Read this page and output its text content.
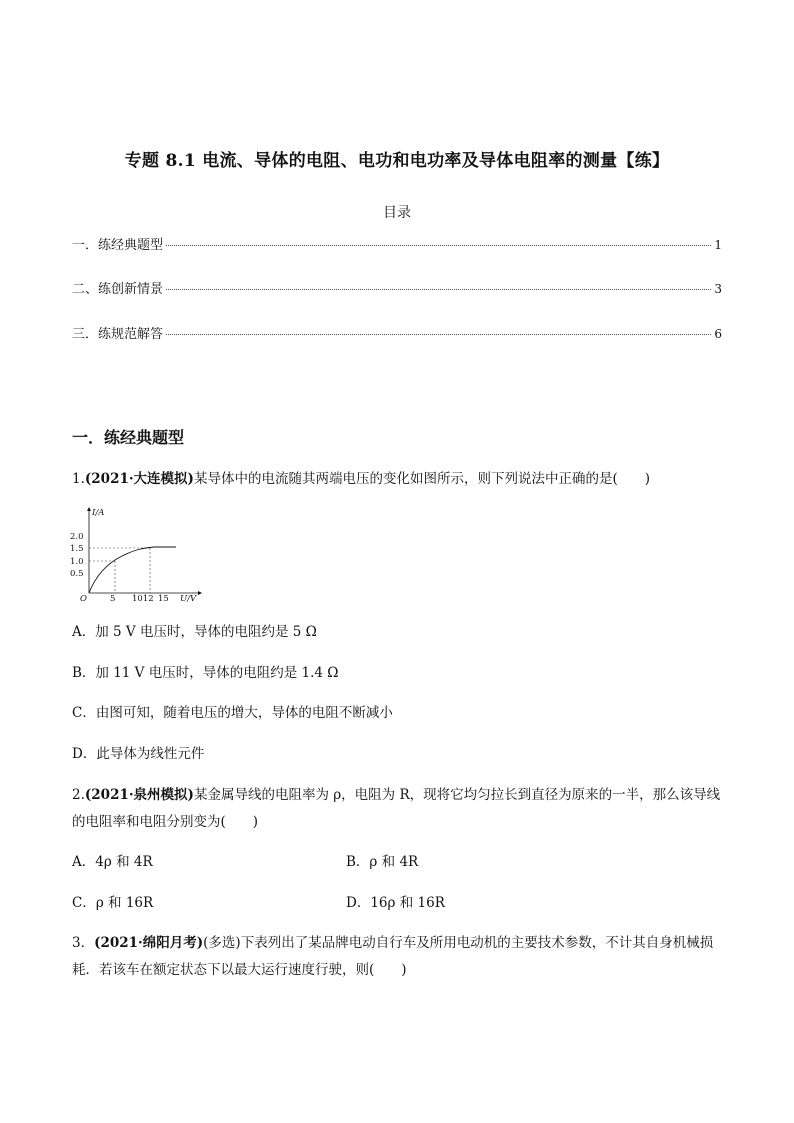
专题 8.1 电流、导体的电阻、电功和电功率及导体电阻率的测量【练】
目录
一．练经典题型	1
二、练创新情景	3
三．练规范解答	6
一．练经典题型
1.(2021·大连模拟)某导体中的电流随其两端电压的变化如图所示，则下列说法中正确的是(　　)
I/A
U/V
O
2.0
1.5
1.0
0.5
5 1012 15
A．加 5 V 电压时，导体的电阻约是 5 Ω
B．加 11 V 电压时，导体的电阻约是 1.4 Ω
C．由图可知，随着电压的增大，导体的电阻不断减小
D．此导体为线性元件
2.(2021·泉州模拟)某金属导线的电阻率为 ρ，电阻为 R，现将它均匀拉长到直径为原来的一半，那么该导线
的电阻率和电阻分别变为(　　)
A．4ρ 和 4R	B．ρ 和 4R
C．ρ 和 16R	D．16ρ 和 16R
3．(2021·绵阳月考)(多选)下表列出了某品牌电动自行车及所用电动机的主要技术参数，不计其自身机械损
耗．若该车在额定状态下以最大运行速度行驶，则(　　)
